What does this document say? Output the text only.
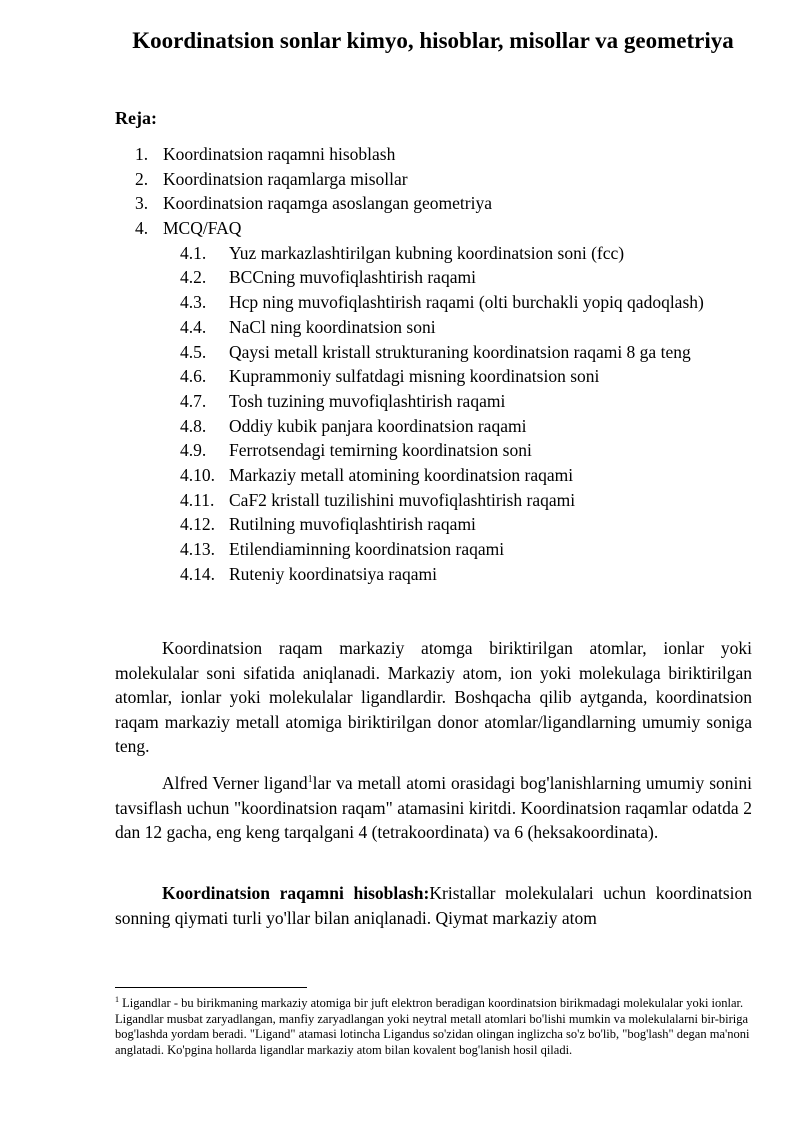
Koordinatsion sonlar kimyo, hisoblar, misollar va geometriya

Reja:

1. Koordinatsion raqamni hisoblash
2. Koordinatsion raqamlarga misollar
3. Koordinatsion raqamga asoslangan geometriya
4. MCQ/FAQ
4.1. Yuz markazlashtirilgan kubning koordinatsion soni (fcc)
4.2. BCCning muvofiqlashtirish raqami
4.3. Hcp ning muvofiqlashtirish raqami (olti burchakli yopiq qadoqlash)
4.4. NaCl ning koordinatsion soni
4.5. Qaysi metall kristall strukturaning koordinatsion raqami 8 ga teng
4.6. Kuprammoniy sulfatdagi misning koordinatsion soni
4.7. Tosh tuzining muvofiqlashtirish raqami
4.8. Oddiy kubik panjara koordinatsion raqami
4.9. Ferrotsendagi temirning koordinatsion soni
4.10. Markaziy metall atomining koordinatsion raqami
4.11. CaF2 kristall tuzilishini muvofiqlashtirish raqami
4.12. Rutilning muvofiqlashtirish raqami
4.13. Etilendiaminning koordinatsion raqami
4.14. Ruteniy koordinatsiya raqami

Koordinatsion raqam markaziy atomga biriktirilgan atomlar, ionlar yoki molekulalar soni sifatida aniqlanadi. Markaziy atom, ion yoki molekulaga biriktirilgan atomlar, ionlar yoki molekulalar ligandlardir. Boshqacha qilib aytganda, koordinatsion raqam markaziy metall atomiga biriktirilgan donor atomlar/ligandlarning umumiy soniga teng.

Alfred Verner ligand$^1$lar va metall atomi orasidagi bog'lanishlarning umumiy sonini tavsiflash uchun "koordinatsion raqam" atamasini kiritdi. Koordinatsion raqamlar odatda 2 dan 12 gacha, eng keng tarqalgani 4 (tetrakoordinata) va 6 (heksakoordinata).

Koordinatsion raqamni hisoblash:Kristallar molekulalari uchun koordinatsion sonning qiymati turli yo'llar bilan aniqlanadi. Qiymat markaziy atom

$^1$ Ligandlar - bu birikmaning markaziy atomiga bir juft elektron beradigan koordinatsion birikmadagi molekulalar yoki ionlar. Ligandlar musbat zaryadlangan, manfiy zaryadlangan yoki neytral metall atomlari bo'lishi mumkin va molekulalarni bir-biriga bog'lashda yordam beradi. "Ligand" atamasi lotincha Ligandus so'zidan olingan inglizcha so'z bo'lib, "bog'lash" degan ma'noni anglatadi. Ko'pgina hollarda ligandlar markaziy atom bilan kovalent bog'lanish hosil qiladi.
